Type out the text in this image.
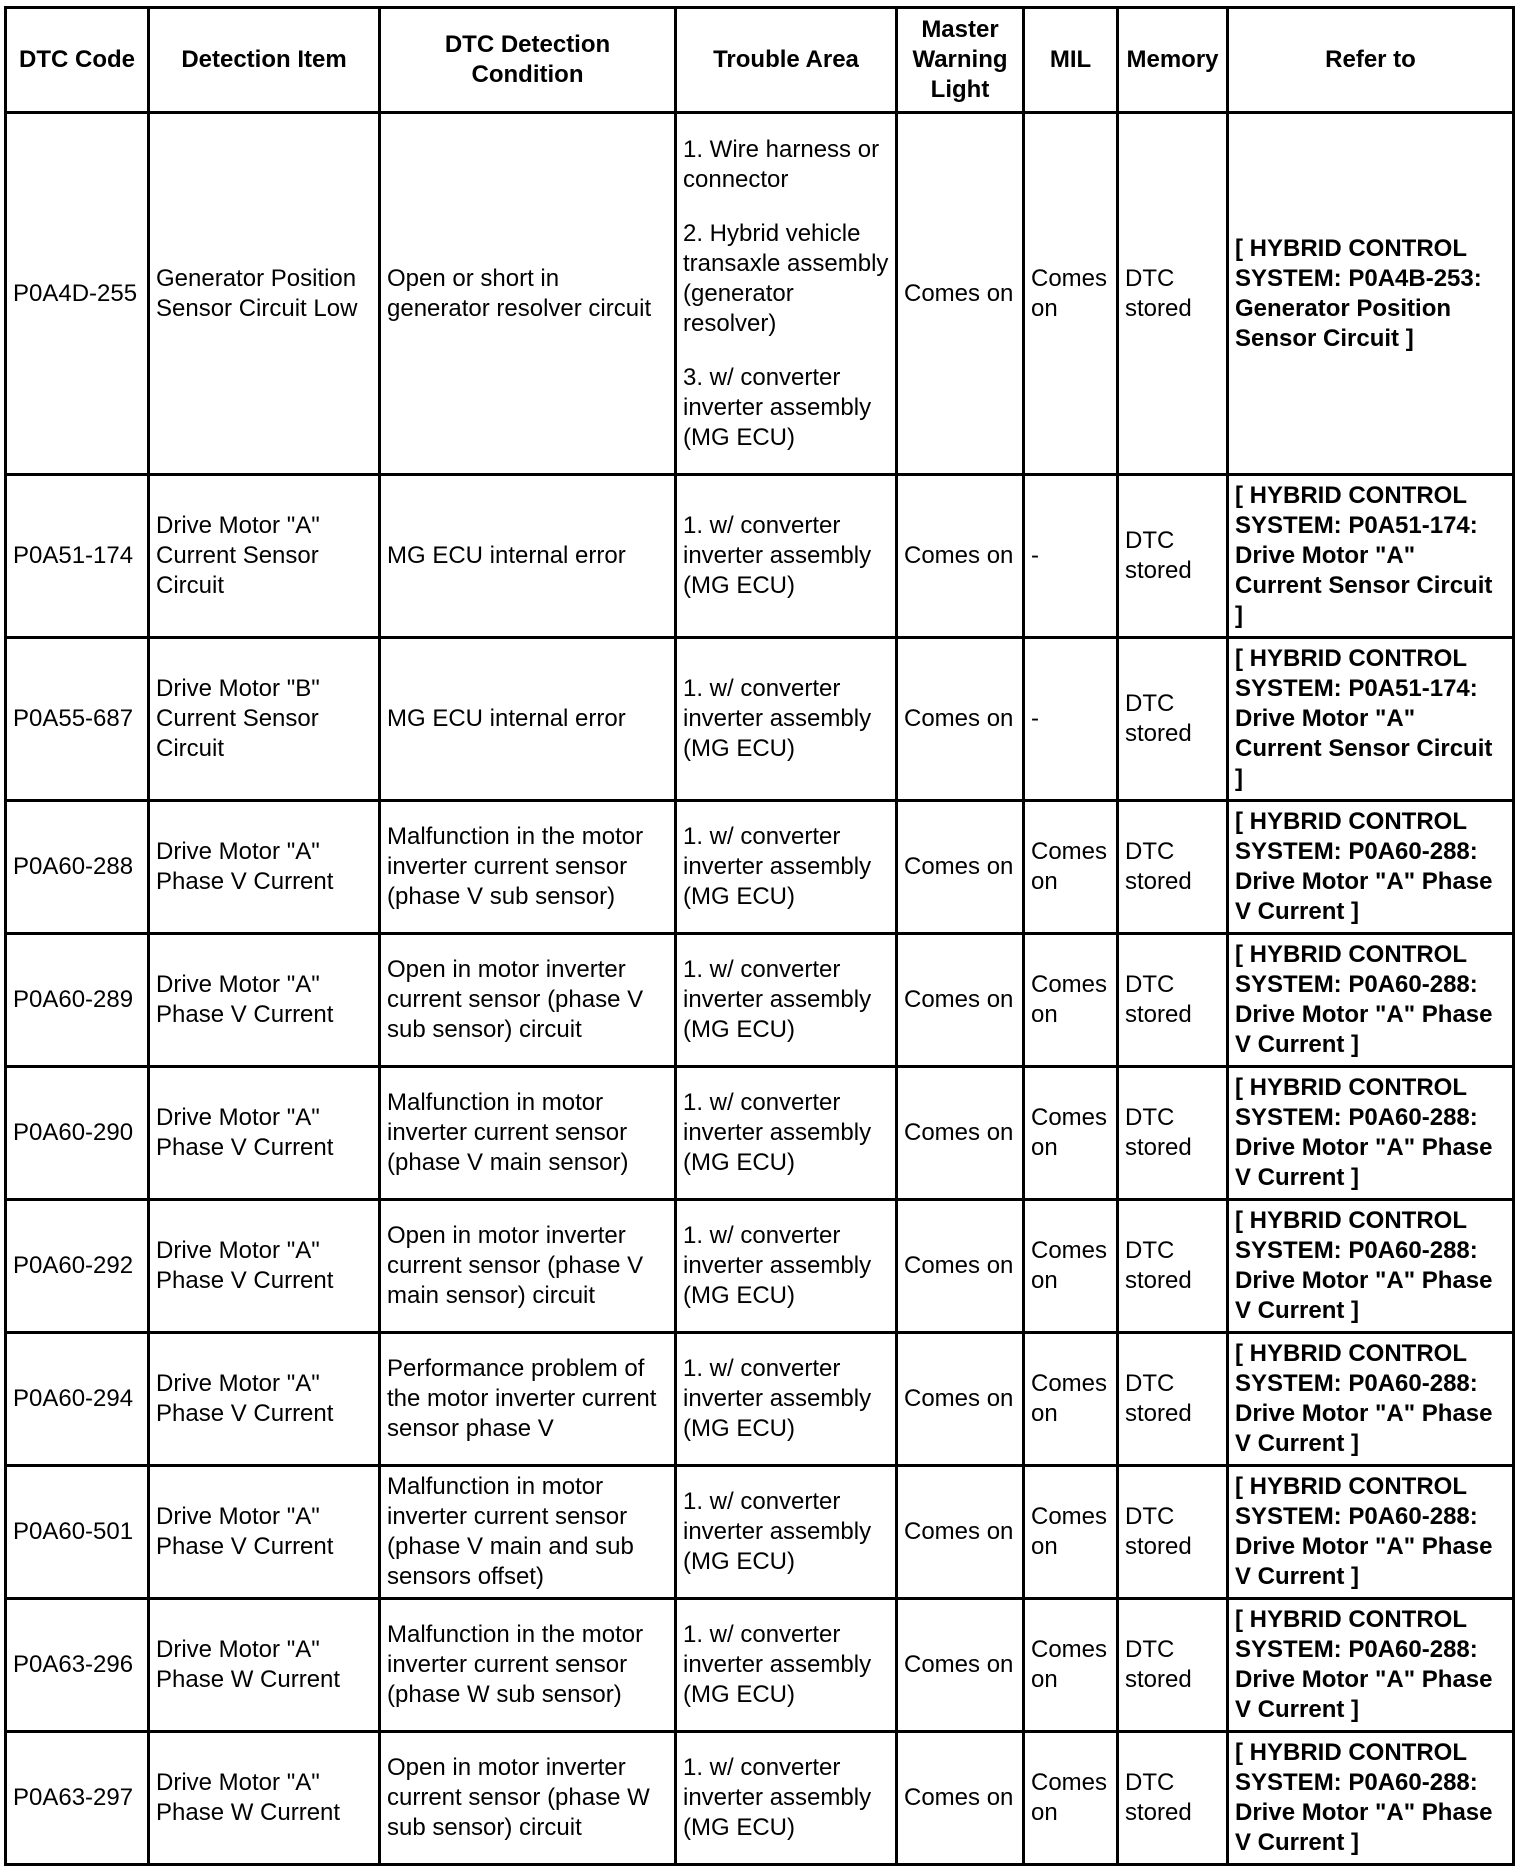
DTC Code	Detection Item	DTC Detection Condition	Trouble Area	Master Warning Light	MIL	Memory	Refer to
P0A4D-255	Generator Position Sensor Circuit Low	Open or short in generator resolver circuit	1. Wire harness or connector
2. Hybrid vehicle transaxle assembly (generator resolver)
3. w/ converter inverter assembly (MG ECU)	Comes on	Comes on	DTC stored	[ HYBRID CONTROL SYSTEM: P0A4B-253: Generator Position Sensor Circuit ]
P0A51-174	Drive Motor "A" Current Sensor Circuit	MG ECU internal error	1. w/ converter inverter assembly (MG ECU)	Comes on	-	DTC stored	[ HYBRID CONTROL SYSTEM: P0A51-174: Drive Motor "A" Current Sensor Circuit ]
P0A55-687	Drive Motor "B" Current Sensor Circuit	MG ECU internal error	1. w/ converter inverter assembly (MG ECU)	Comes on	-	DTC stored	[ HYBRID CONTROL SYSTEM: P0A51-174: Drive Motor "A" Current Sensor Circuit ]
P0A60-288	Drive Motor "A" Phase V Current	Malfunction in the motor inverter current sensor (phase V sub sensor)	1. w/ converter inverter assembly (MG ECU)	Comes on	Comes on	DTC stored	[ HYBRID CONTROL SYSTEM: P0A60-288: Drive Motor "A" Phase V Current ]
P0A60-289	Drive Motor "A" Phase V Current	Open in motor inverter current sensor (phase V sub sensor) circuit	1. w/ converter inverter assembly (MG ECU)	Comes on	Comes on	DTC stored	[ HYBRID CONTROL SYSTEM: P0A60-288: Drive Motor "A" Phase V Current ]
P0A60-290	Drive Motor "A" Phase V Current	Malfunction in motor inverter current sensor (phase V main sensor)	1. w/ converter inverter assembly (MG ECU)	Comes on	Comes on	DTC stored	[ HYBRID CONTROL SYSTEM: P0A60-288: Drive Motor "A" Phase V Current ]
P0A60-292	Drive Motor "A" Phase V Current	Open in motor inverter current sensor (phase V main sensor) circuit	1. w/ converter inverter assembly (MG ECU)	Comes on	Comes on	DTC stored	[ HYBRID CONTROL SYSTEM: P0A60-288: Drive Motor "A" Phase V Current ]
P0A60-294	Drive Motor "A" Phase V Current	Performance problem of the motor inverter current sensor phase V	1. w/ converter inverter assembly (MG ECU)	Comes on	Comes on	DTC stored	[ HYBRID CONTROL SYSTEM: P0A60-288: Drive Motor "A" Phase V Current ]
P0A60-501	Drive Motor "A" Phase V Current	Malfunction in motor inverter current sensor (phase V main and sub sensors offset)	1. w/ converter inverter assembly (MG ECU)	Comes on	Comes on	DTC stored	[ HYBRID CONTROL SYSTEM: P0A60-288: Drive Motor "A" Phase V Current ]
P0A63-296	Drive Motor "A" Phase W Current	Malfunction in the motor inverter current sensor (phase W sub sensor)	1. w/ converter inverter assembly (MG ECU)	Comes on	Comes on	DTC stored	[ HYBRID CONTROL SYSTEM: P0A60-288: Drive Motor "A" Phase V Current ]
P0A63-297	Drive Motor "A" Phase W Current	Open in motor inverter current sensor (phase W sub sensor) circuit	1. w/ converter inverter assembly (MG ECU)	Comes on	Comes on	DTC stored	[ HYBRID CONTROL SYSTEM: P0A60-288: Drive Motor "A" Phase V Current ]
